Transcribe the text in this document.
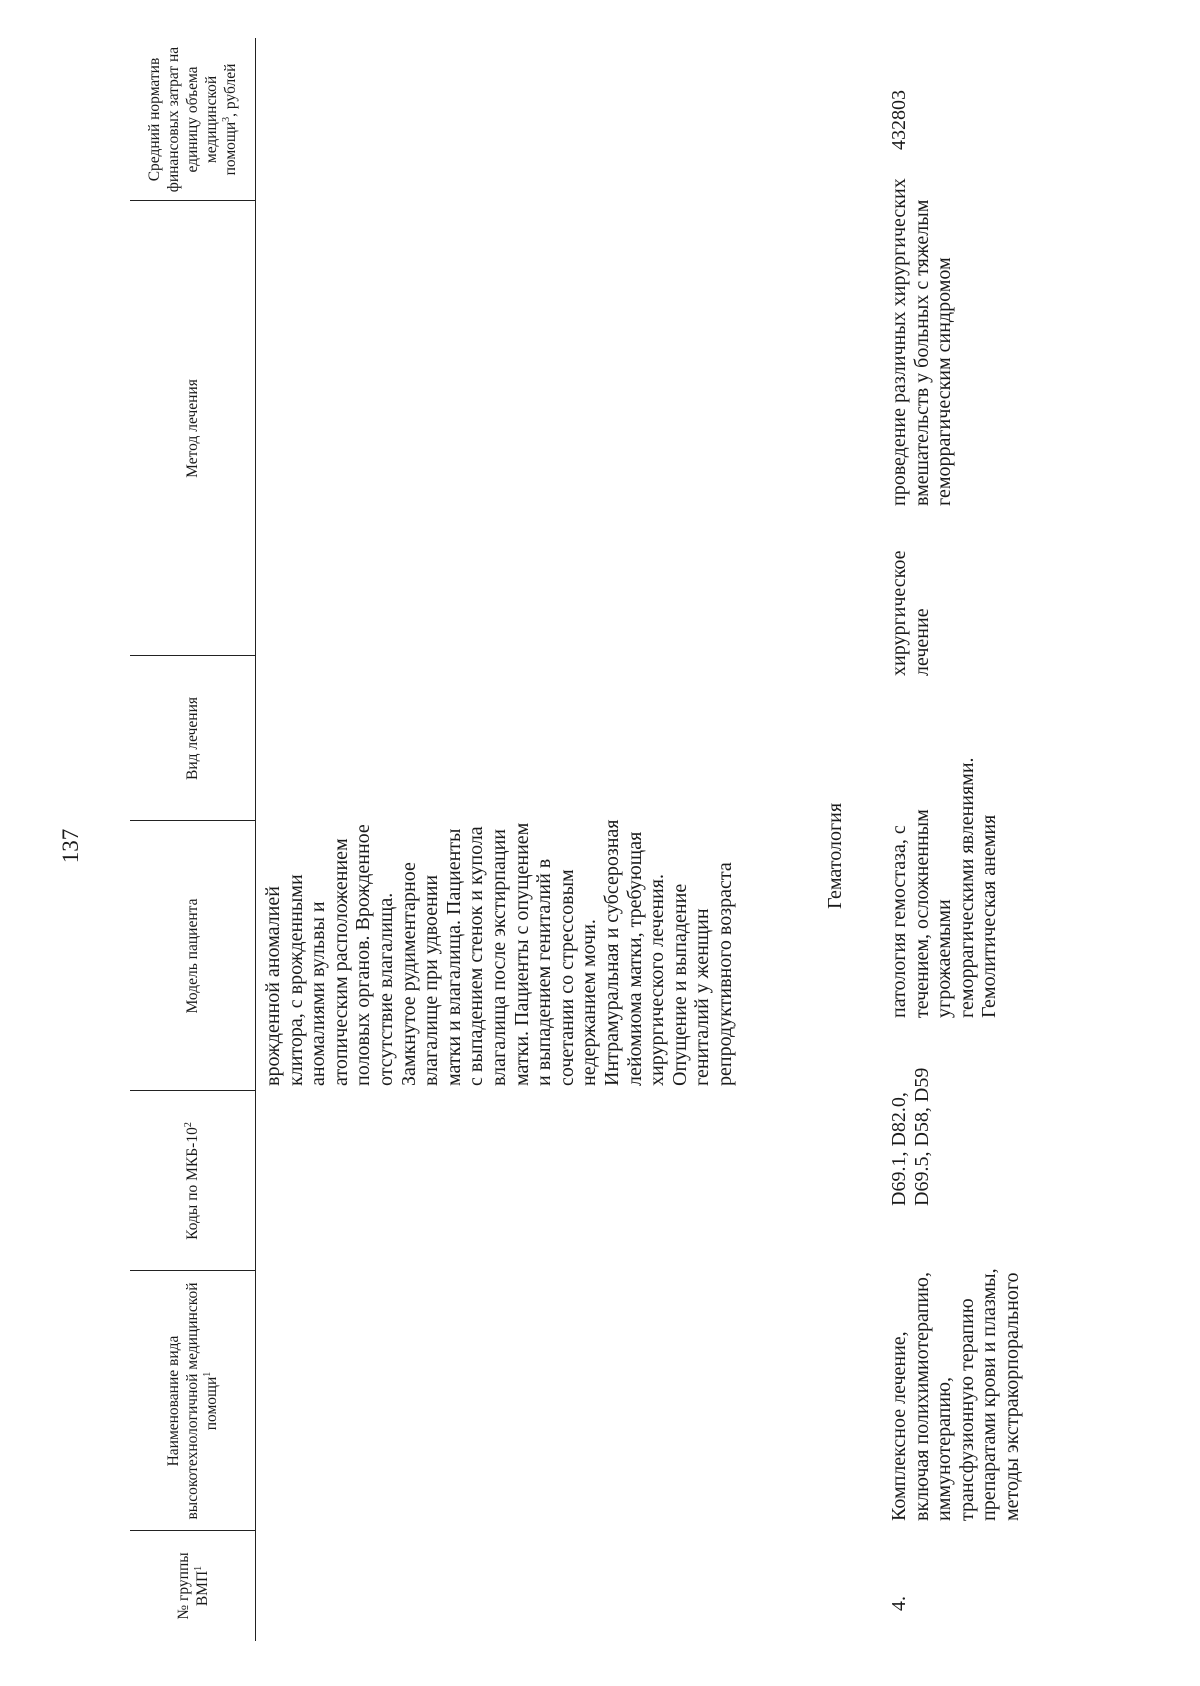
137
№ группы ВМП$^1$
Наименование вида высокотехнологичной медицинской помощи$^1$
Коды по МКБ-$10^2$
Модель пациента
Вид лечения
Метод лечения
Средний норматив финансовых затрат на единицу объема медицинской помощи$^3$, рублей
врожденной аномалией
клитора, с врожденными
аномалиями вульвы и
атопическим расположением
половых органов. Врожденное
отсутствие влагалища.
Замкнутое рудиментарное
влагалище при удвоении
матки и влагалища. Пациенты
с выпадением стенок и купола
влагалища после экстирпации
матки. Пациенты с опущением
и выпадением гениталий в
сочетании со стрессовым
недержанием мочи.
Интрамуральная и субсерозная
лейомиома матки, требующая
хирургического лечения.
Опущение и выпадение
гениталий у женщин
репродуктивного возраста	Гематология
4.
Комплексное лечение,
включая полихимиотерапию,
иммунотерапию,
трансфузионную терапию
препаратами крови и плазмы,
методы экстракорпорального
D69.1, D82.0,
D69.5, D58, D59
патология гемостаза, с
течением, осложненным
угрожаемыми
геморрагическими явлениями.
Гемолитическая анемия
хирургическое
лечение
проведение различных хирургических
вмешательств у больных с тяжелым
геморрагическим синдромом
432803
